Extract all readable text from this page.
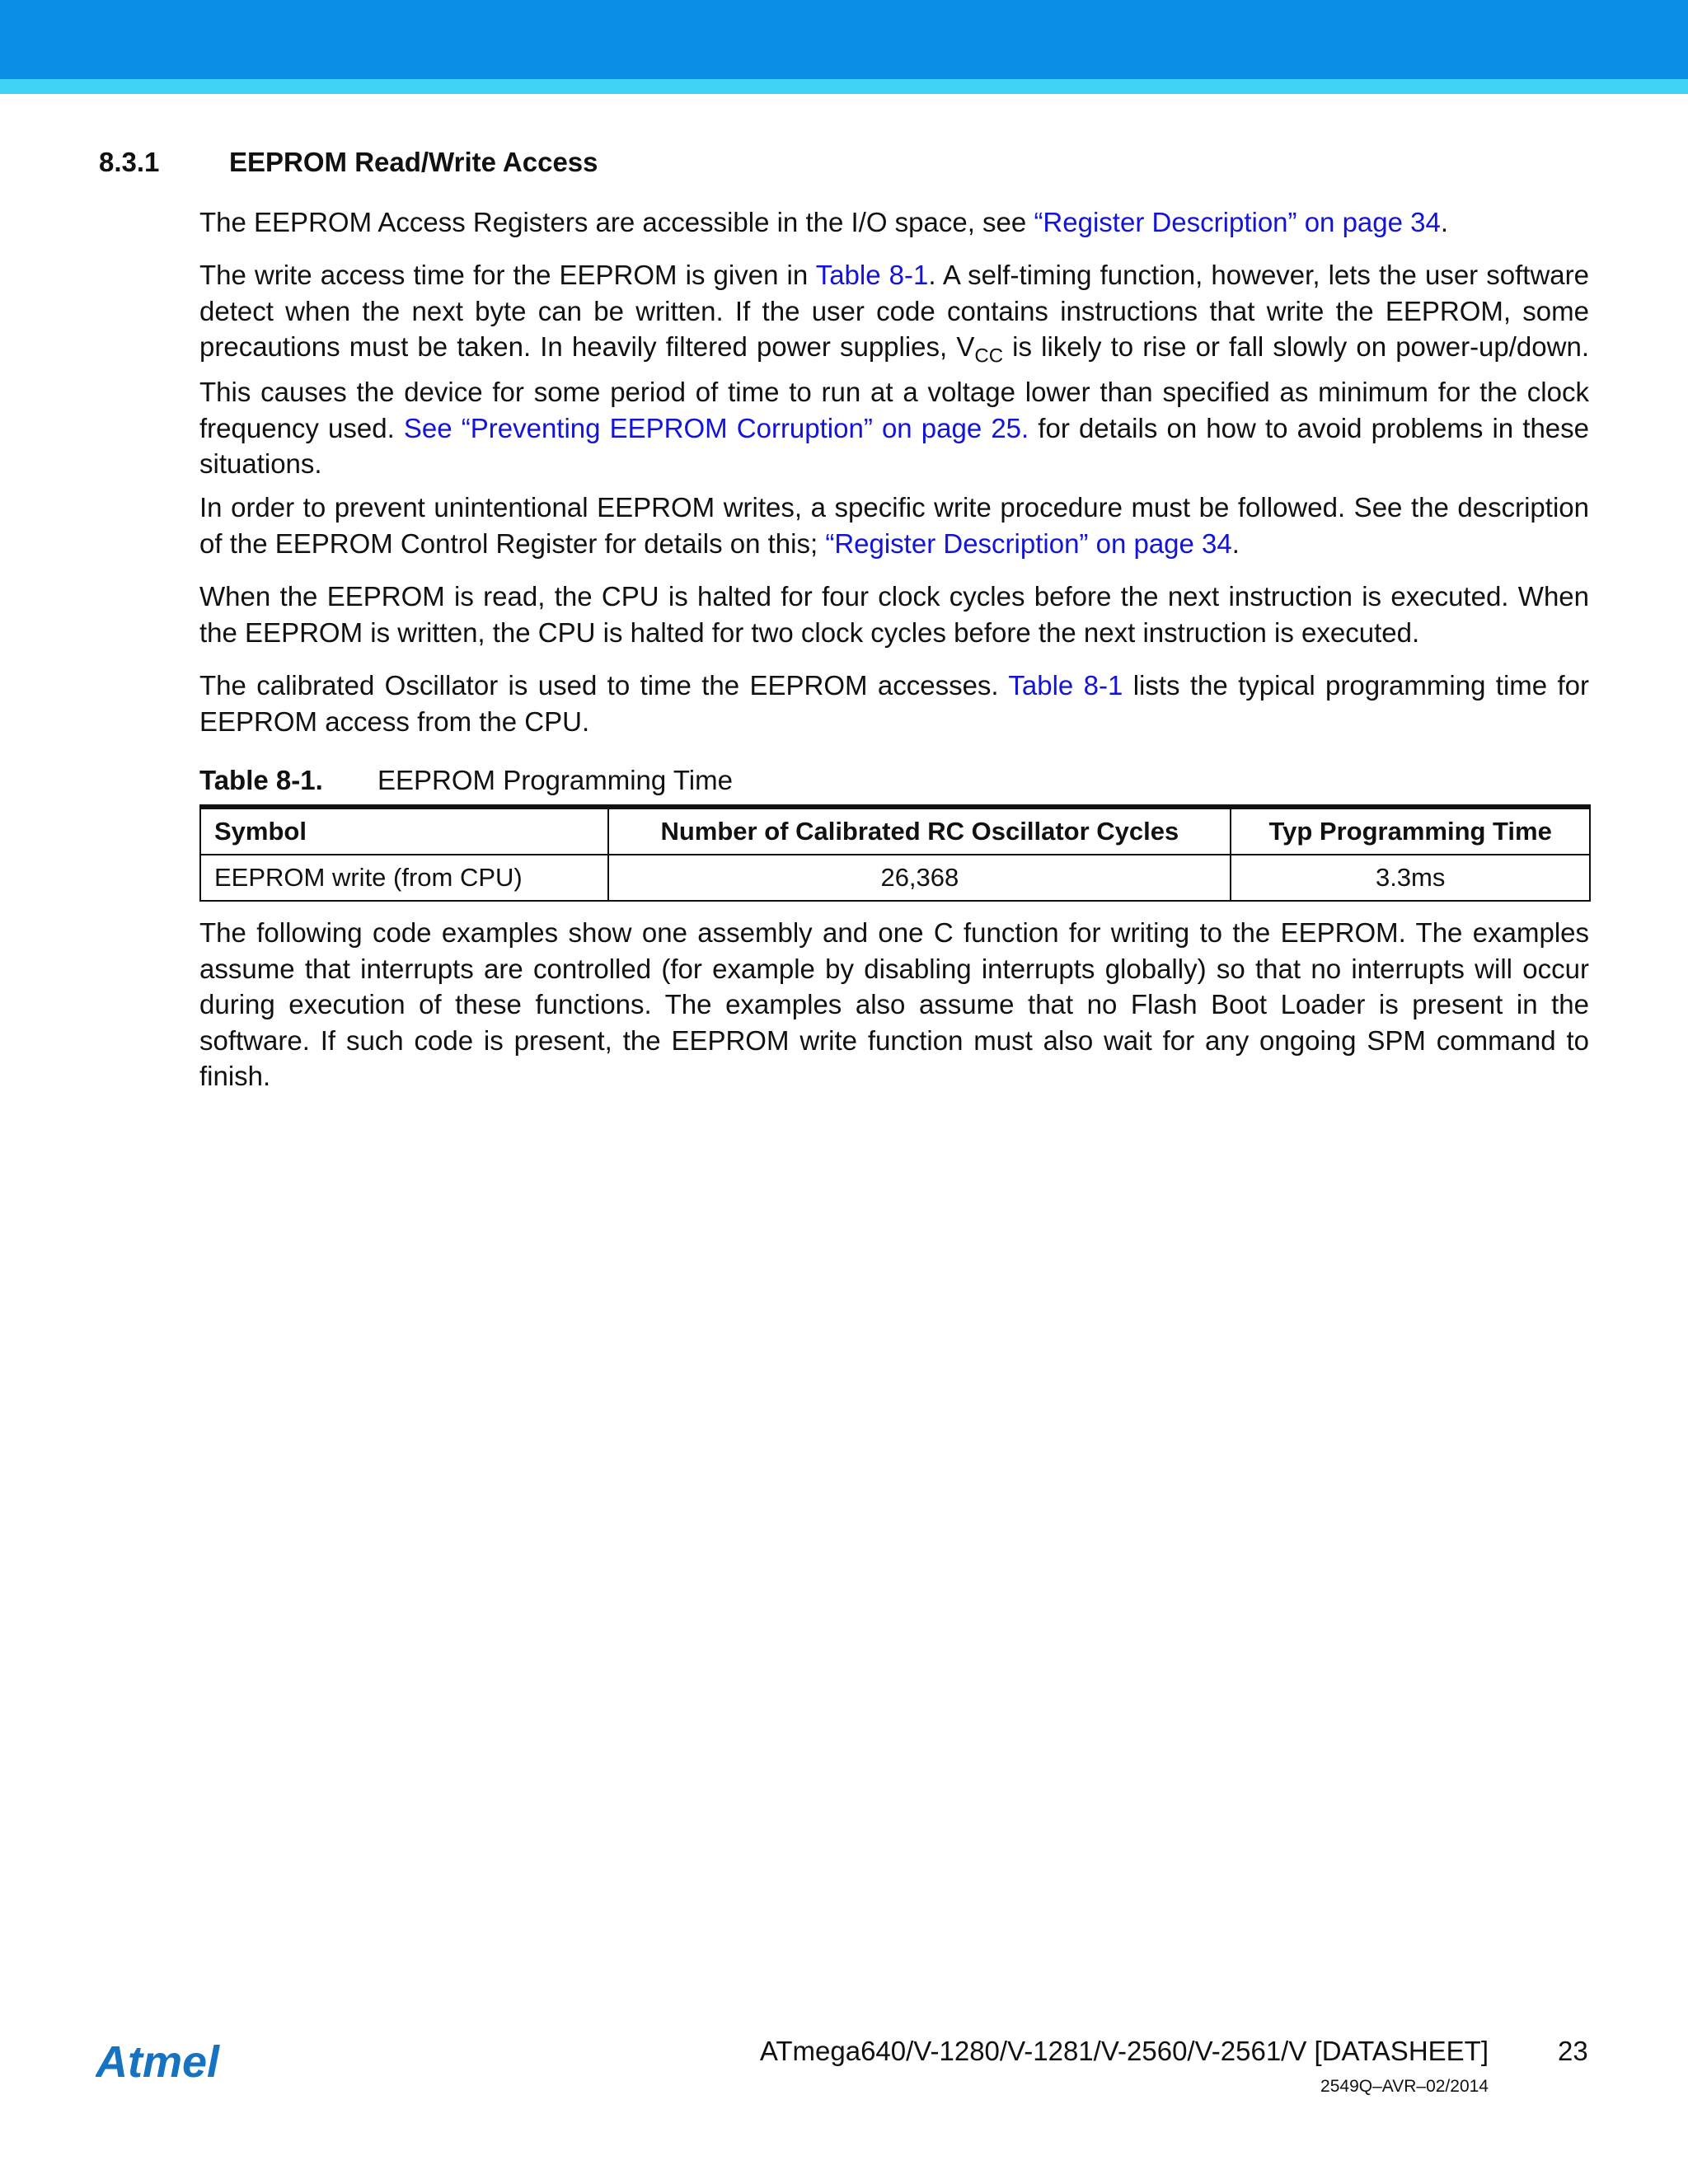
8.3.1	EEPROM Read/Write Access

The EEPROM Access Registers are accessible in the I/O space, see “Register Description” on page 34.

The write access time for the EEPROM is given in Table 8-1. A self-timing function, however, lets the user software detect when the next byte can be written. If the user code contains instructions that write the EEPROM, some precautions must be taken. In heavily filtered power supplies, $V_{CC}$ is likely to rise or fall slowly on power-up/down. This causes the device for some period of time to run at a voltage lower than specified as minimum for the clock frequency used. See “Preventing EEPROM Corruption” on page 25. for details on how to avoid problems in these situations.

In order to prevent unintentional EEPROM writes, a specific write procedure must be followed. See the description of the EEPROM Control Register for details on this; “Register Description” on page 34.

When the EEPROM is read, the CPU is halted for four clock cycles before the next instruction is executed. When the EEPROM is written, the CPU is halted for two clock cycles before the next instruction is executed.

The calibrated Oscillator is used to time the EEPROM accesses. Table 8-1 lists the typical programming time for EEPROM access from the CPU.

Table 8-1. EEPROM Programming Time
Symbol	Number of Calibrated RC Oscillator Cycles	Typ Programming Time
EEPROM write (from CPU)	26,368	3.3ms

The following code examples show one assembly and one C function for writing to the EEPROM. The examples assume that interrupts are controlled (for example by disabling interrupts globally) so that no interrupts will occur during execution of these functions. The examples also assume that no Flash Boot Loader is present in the software. If such code is present, the EEPROM write function must also wait for any ongoing SPM command to finish.

Atmel	ATmega640/V-1280/V-1281/V-2560/V-2561/V [DATASHEET]	23
2549Q–AVR–02/2014
